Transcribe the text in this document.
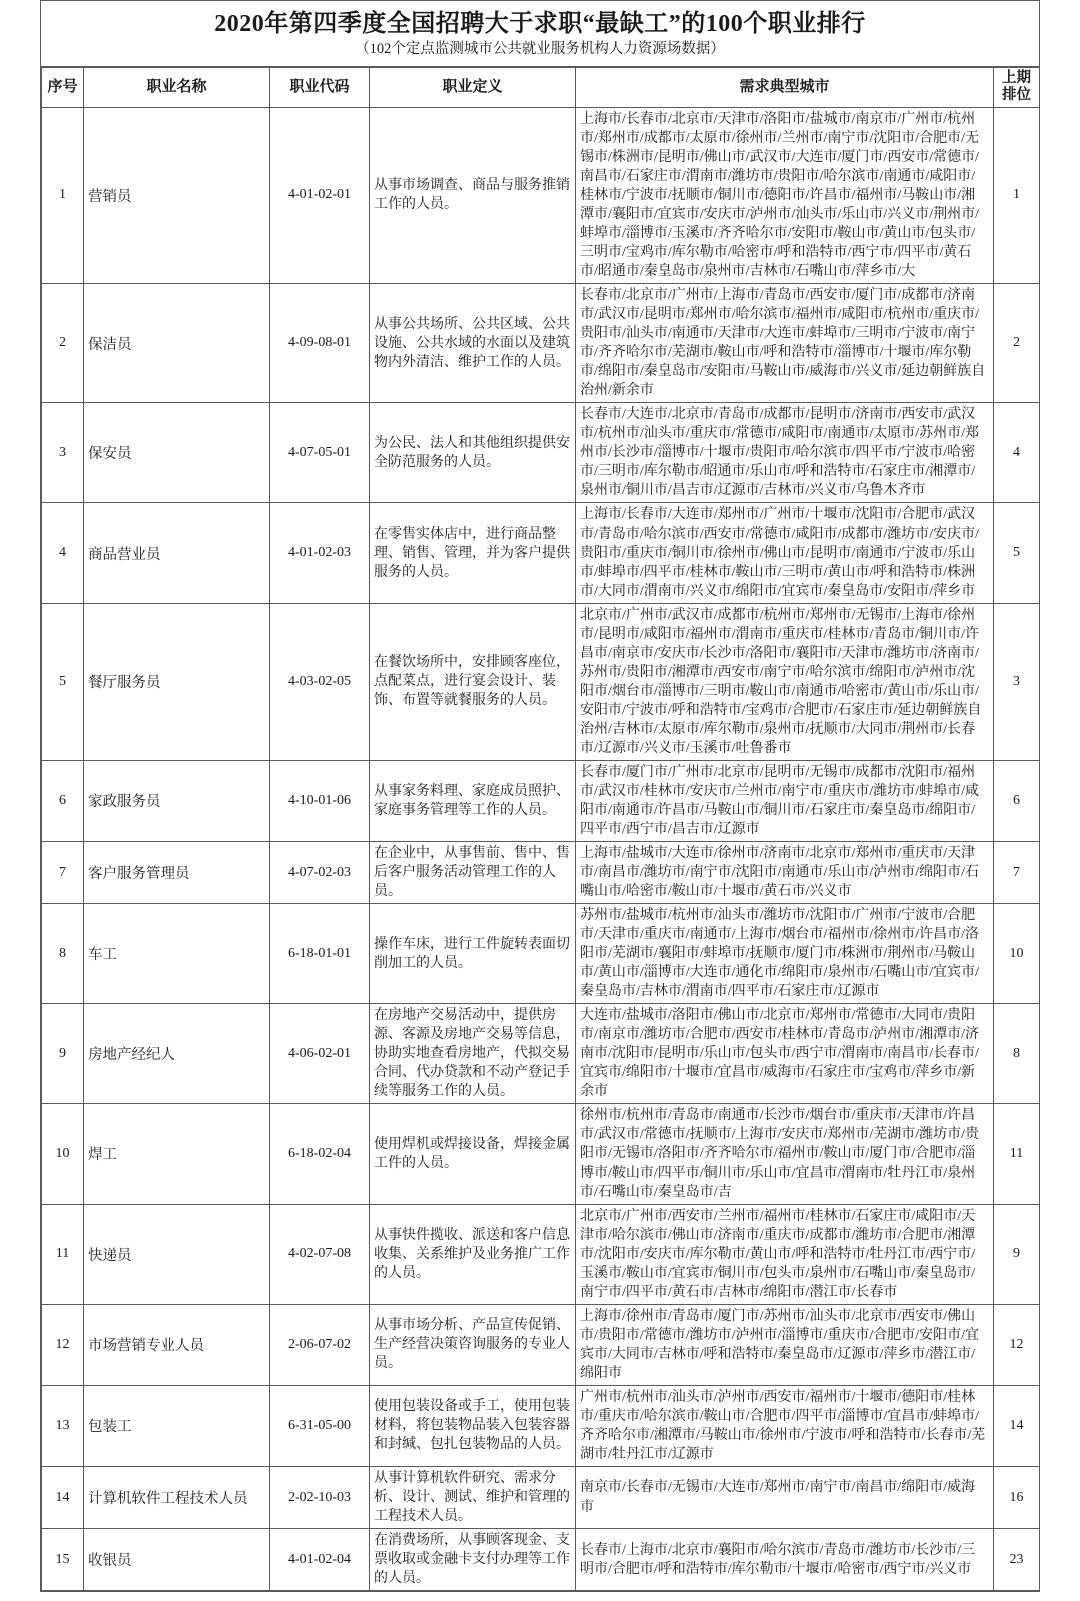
2020年第四季度全国招聘大于求职“最缺工”的100个职业排行
（102个定点监测城市公共就业服务机构人力资源场数据）
序号	职业名称	职业代码	职业定义	需求典型城市	上期
排位
1	营销员	4-01-02-01	从事市场调查、商品与服务推销工作的人员。	上海市/长春市/北京市/天津市/洛阳市/盐城市/南京市/广州市/杭州市/郑州市/成都市/太原市/徐州市/兰州市/南宁市/沈阳市/合肥市/无锡市/株洲市/昆明市/佛山市/武汉市/大连市/厦门市/西安市/常德市/南昌市/石家庄市/渭南市/潍坊市/贵阳市/哈尔滨市/南通市/咸阳市/桂林市/宁波市/抚顺市/铜川市/德阳市/许昌市/福州市/马鞍山市/湘潭市/襄阳市/宜宾市/安庆市/泸州市/汕头市/乐山市/兴义市/荆州市/蚌埠市/淄博市/玉溪市/齐齐哈尔市/安阳市/鞍山市/黄山市/包头市/三明市/宝鸡市/库尔勒市/哈密市/呼和浩特市/西宁市/四平市/黄石市/昭通市/秦皇岛市/泉州市/吉林市/石嘴山市/萍乡市/大	1
2	保洁员	4-09-08-01	从事公共场所、公共区域、公共设施、公共水域的水面以及建筑物内外清洁、维护工作的人员。	长春市/北京市/广州市/上海市/青岛市/西安市/厦门市/成都市/济南市/武汉市/昆明市/郑州市/哈尔滨市/福州市/咸阳市/杭州市/重庆市/贵阳市/汕头市/南通市/天津市/大连市/蚌埠市/三明市/宁波市/南宁市/齐齐哈尔市/芜湖市/鞍山市/呼和浩特市/淄博市/十堰市/库尔勒市/绵阳市/秦皇岛市/安阳市/马鞍山市/威海市/兴义市/延边朝鲜族自治州/新余市	2
3	保安员	4-07-05-01	为公民、法人和其他组织提供安全防范服务的人员。	长春市/大连市/北京市/青岛市/成都市/昆明市/济南市/西安市/武汉市/杭州市/汕头市/重庆市/常德市/咸阳市/南通市/太原市/苏州市/郑州市/长沙市/淄博市/十堰市/贵阳市/哈尔滨市/四平市/宁波市/哈密市/三明市/库尔勒市/昭通市/乐山市/呼和浩特市/石家庄市/湘潭市/泉州市/铜川市/昌吉市/辽源市/吉林市/兴义市/乌鲁木齐市	4
4	商品营业员	4-01-02-03	在零售实体店中，进行商品整理、销售、管理，并为客户提供服务的人员。	上海市/长春市/大连市/郑州市/广州市/十堰市/沈阳市/合肥市/武汉市/青岛市/哈尔滨市/西安市/常德市/咸阳市/成都市/潍坊市/安庆市/贵阳市/重庆市/铜川市/徐州市/佛山市/昆明市/南通市/宁波市/乐山市/蚌埠市/四平市/桂林市/鞍山市/三明市/黄山市/呼和浩特市/株洲市/大同市/渭南市/兴义市/绵阳市/宜宾市/秦皇岛市/安阳市/萍乡市	5
5	餐厅服务员	4-03-02-05	在餐饮场所中，安排顾客座位，点配菜点，进行宴会设计、装饰、布置等就餐服务的人员。	北京市/广州市/武汉市/成都市/杭州市/郑州市/无锡市/上海市/徐州市/昆明市/咸阳市/福州市/渭南市/重庆市/桂林市/青岛市/铜川市/许昌市/南京市/安庆市/长沙市/洛阳市/襄阳市/天津市/潍坊市/济南市/苏州市/贵阳市/湘潭市/西安市/南宁市/哈尔滨市/绵阳市/泸州市/沈阳市/烟台市/淄博市/三明市/鞍山市/南通市/哈密市/黄山市/乐山市/安阳市/宁波市/呼和浩特市/宝鸡市/合肥市/石家庄市/延边朝鲜族自治州/吉林市/太原市/库尔勒市/泉州市/抚顺市/大同市/荆州市/长春市/辽源市/兴义市/玉溪市/吐鲁番市	3
6	家政服务员	4-10-01-06	从事家务料理、家庭成员照护、家庭事务管理等工作的人员。	长春市/厦门市/广州市/北京市/昆明市/无锡市/成都市/沈阳市/福州市/武汉市/桂林市/安庆市/兰州市/南宁市/重庆市/潍坊市/蚌埠市/咸阳市/南通市/许昌市/马鞍山市/铜川市/石家庄市/秦皇岛市/绵阳市/四平市/西宁市/昌吉市/辽源市	6
7	客户服务管理员	4-07-02-03	在企业中，从事售前、售中、售后客户服务活动管理工作的人员。	上海市/盐城市/大连市/徐州市/济南市/北京市/郑州市/重庆市/天津市/南昌市/潍坊市/南宁市/沈阳市/南通市/乐山市/泸州市/绵阳市/石嘴山市/哈密市/鞍山市/十堰市/黄石市/兴义市	7
8	车工	6-18-01-01	操作车床，进行工件旋转表面切削加工的人员。	苏州市/盐城市/杭州市/汕头市/潍坊市/沈阳市/广州市/宁波市/合肥市/天津市/重庆市/南通市/上海市/烟台市/福州市/徐州市/许昌市/洛阳市/芜湖市/襄阳市/蚌埠市/抚顺市/厦门市/株洲市/荆州市/马鞍山市/黄山市/淄博市/大连市/通化市/绵阳市/泉州市/石嘴山市/宜宾市/秦皇岛市/吉林市/渭南市/四平市/石家庄市/辽源市	10
9	房地产经纪人	4-06-02-01	在房地产交易活动中，提供房源、客源及房地产交易等信息，协助实地查看房地产，代拟交易合同、代办贷款和不动产登记手续等服务工作的人员。	大连市/盐城市/洛阳市/佛山市/北京市/郑州市/常德市/大同市/贵阳市/南京市/潍坊市/合肥市/西安市/桂林市/青岛市/泸州市/湘潭市/济南市/沈阳市/昆明市/乐山市/包头市/西宁市/渭南市/南昌市/长春市/宜宾市/绵阳市/十堰市/宜昌市/威海市/石家庄市/宝鸡市/萍乡市/新余市	8
10	焊工	6-18-02-04	使用焊机或焊接设备，焊接金属工件的人员。	徐州市/杭州市/青岛市/南通市/长沙市/烟台市/重庆市/天津市/许昌市/武汉市/常德市/抚顺市/上海市/安庆市/郑州市/芜湖市/潍坊市/贵阳市/无锡市/洛阳市/齐齐哈尔市/福州市/鞍山市/厦门市/合肥市/淄博市/鞍山市/四平市/铜川市/乐山市/宜昌市/渭南市/牡丹江市/泉州市/石嘴山市/秦皇岛市/吉	11
11	快递员	4-02-07-08	从事快件揽收、派送和客户信息收集、关系维护及业务推广工作的人员。	北京市/广州市/西安市/兰州市/福州市/桂林市/石家庄市/咸阳市/天津市/哈尔滨市/佛山市/济南市/重庆市/成都市/潍坊市/合肥市/湘潭市/沈阳市/安庆市/库尔勒市/黄山市/呼和浩特市/牡丹江市/西宁市/玉溪市/鞍山市/宜宾市/铜川市/包头市/泉州市/石嘴山市/秦皇岛市/南宁市/四平市/黄石市/吉林市/绵阳市/潜江市/长春市	9
12	市场营销专业人员	2-06-07-02	从事市场分析、产品宣传促销、生产经营决策咨询服务的专业人员。	上海市/徐州市/青岛市/厦门市/苏州市/汕头市/北京市/西安市/佛山市/贵阳市/常德市/潍坊市/泸州市/淄博市/重庆市/合肥市/安阳市/宜宾市/大同市/吉林市/呼和浩特市/秦皇岛市/辽源市/萍乡市/潜江市/绵阳市	12
13	包装工	6-31-05-00	使用包装设备或手工，使用包装材料，将包装物品装入包装容器和封缄、包扎包装物品的人员。	广州市/杭州市/汕头市/泸州市/西安市/福州市/十堰市/德阳市/桂林市/重庆市/哈尔滨市/鞍山市/合肥市/四平市/淄博市/宜昌市/蚌埠市/齐齐哈尔市/湘潭市/马鞍山市/徐州市/宁波市/呼和浩特市/长春市/芜湖市/牡丹江市/辽源市	14
14	计算机软件工程技术人员	2-02-10-03	从事计算机软件研究、需求分析、设计、测试、维护和管理的工程技术人员。	南京市/长春市/无锡市/大连市/郑州市/南宁市/南昌市/绵阳市/威海市	16
15	收银员	4-01-02-04	在消费场所，从事顾客现金、支票收取或金融卡支付办理等工作的人员。	长春市/上海市/北京市/襄阳市/哈尔滨市/青岛市/潍坊市/长沙市/三明市/合肥市/呼和浩特市/库尔勒市/十堰市/哈密市/西宁市/兴义市	23
